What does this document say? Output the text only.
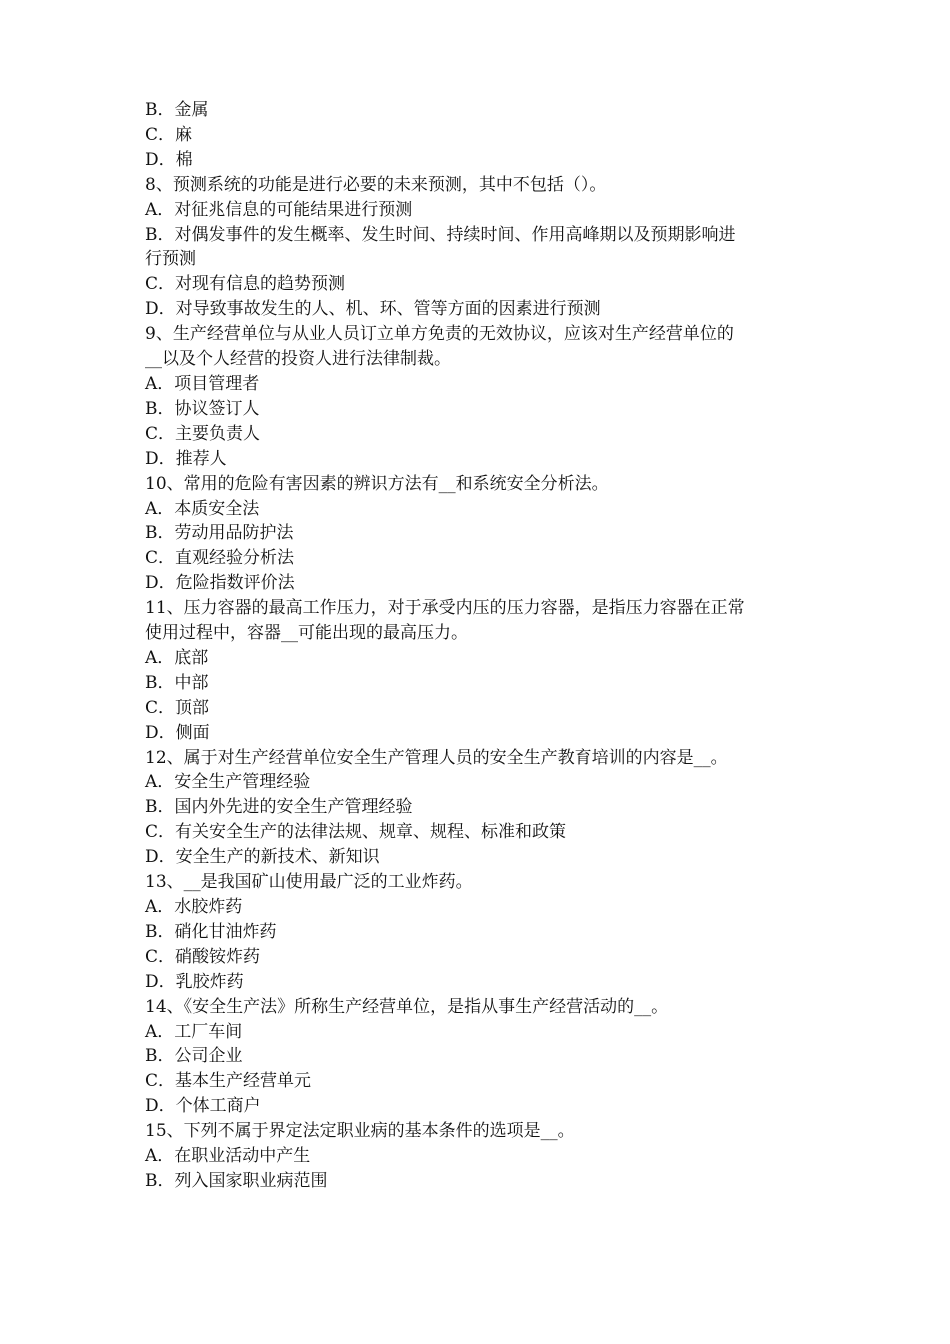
B．金属

C．麻

D．棉

8、预测系统的功能是进行必要的未来预测，其中不包括（）。

A．对征兆信息的可能结果进行预测

B．对偶发事件的发生概率、发生时间、持续时间、作用高峰期以及预期影响进

行预测

C．对现有信息的趋势预测

D．对导致事故发生的人、机、环、管等方面的因素进行预测

9、生产经营单位与从业人员订立单方免责的无效协议，应该对生产经营单位的

__以及个人经营的投资人进行法律制裁。

A．项目管理者

B．协议签订人

C．主要负责人

D．推荐人

10、常用的危险有害因素的辨识方法有__和系统安全分析法。

A．本质安全法

B．劳动用品防护法

C．直观经验分析法

D．危险指数评价法

11、压力容器的最高工作压力，对于承受内压的压力容器，是指压力容器在正常

使用过程中，容器__可能出现的最高压力。

A．底部

B．中部

C．顶部

D．侧面

12、属于对生产经营单位安全生产管理人员的安全生产教育培训的内容是__。

A．安全生产管理经验

B．国内外先进的安全生产管理经验

C．有关安全生产的法律法规、规章、规程、标准和政策

D．安全生产的新技术、新知识

13、__是我国矿山使用最广泛的工业炸药。

A．水胶炸药

B．硝化甘油炸药

C．硝酸铵炸药

D．乳胶炸药

14、《安全生产法》所称生产经营单位，是指从事生产经营活动的__。

A．工厂车间

B．公司企业

C．基本生产经营单元

D．个体工商户

15、下列不属于界定法定职业病的基本条件的选项是__。

A．在职业活动中产生

B．列入国家职业病范围
